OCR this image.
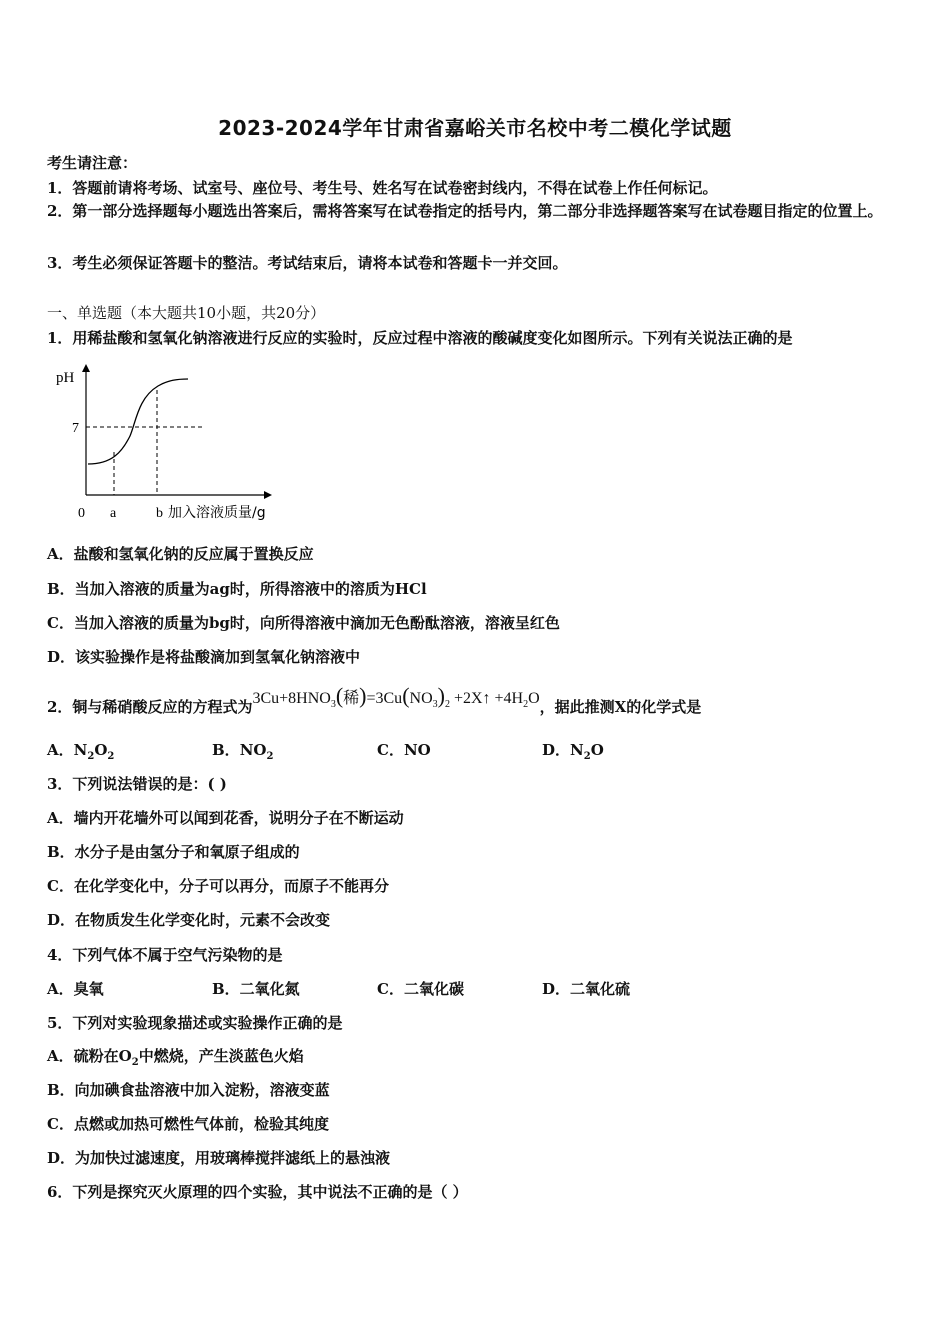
2023-2024学年甘肃省嘉峪关市名校中考二模化学试题
考生请注意：
1．答题前请将考场、试室号、座位号、考生号、姓名写在试卷密封线内，不得在试卷上作任何标记。
2．第一部分选择题每小题选出答案后，需将答案写在试卷指定的括号内，第二部分非选择题答案写在试卷题目指定的位置上。
3．考生必须保证答题卡的整洁。考试结束后，请将本试卷和答题卡一并交回。
一、单选题（本大题共10小题，共20分）
1．用稀盐酸和氢氧化钠溶液进行反应的实验时，反应过程中溶液的酸碱度变化如图所示。下列有关说法正确的是
pH
7
0 a	b 加入溶液质量/g
A．盐酸和氢氧化钠的反应属于置换反应
B．当加入溶液的质量为ag时，所得溶液中的溶质为HCl
C．当加入溶液的质量为bg时，向所得溶液中滴加无色酚酞溶液，溶液呈红色
D．该实验操作是将盐酸滴加到氢氧化钠溶液中
2．铜与稀硝酸反应的方程式为$3Cu+8HNO_3$(稀)$=3Cu(NO_3)_2$ +2X↑ $+4H_2O$，据此推测X的化学式是
A．$N_2O_2$	B．$NO_2$	C．NO	D．$N_2O$
3．下列说法错误的是：( )
A．墙内开花墙外可以闻到花香，说明分子在不断运动
B．水分子是由氢分子和氧原子组成的
C．在化学变化中，分子可以再分，而原子不能再分
D．在物质发生化学变化时，元素不会改变
4．下列气体不属于空气污染物的是
A．臭氧	B．二氧化氮	C．二氧化碳	D．二氧化硫
5．下列对实验现象描述或实验操作正确的是
A．硫粉在$O_2$中燃烧，产生淡蓝色火焰
B．向加碘食盐溶液中加入淀粉，溶液变蓝
C．点燃或加热可燃性气体前，检验其纯度
D．为加快过滤速度，用玻璃棒搅拌滤纸上的悬浊液
6．下列是探究灭火原理的四个实验，其中说法不正确的是（ ）
